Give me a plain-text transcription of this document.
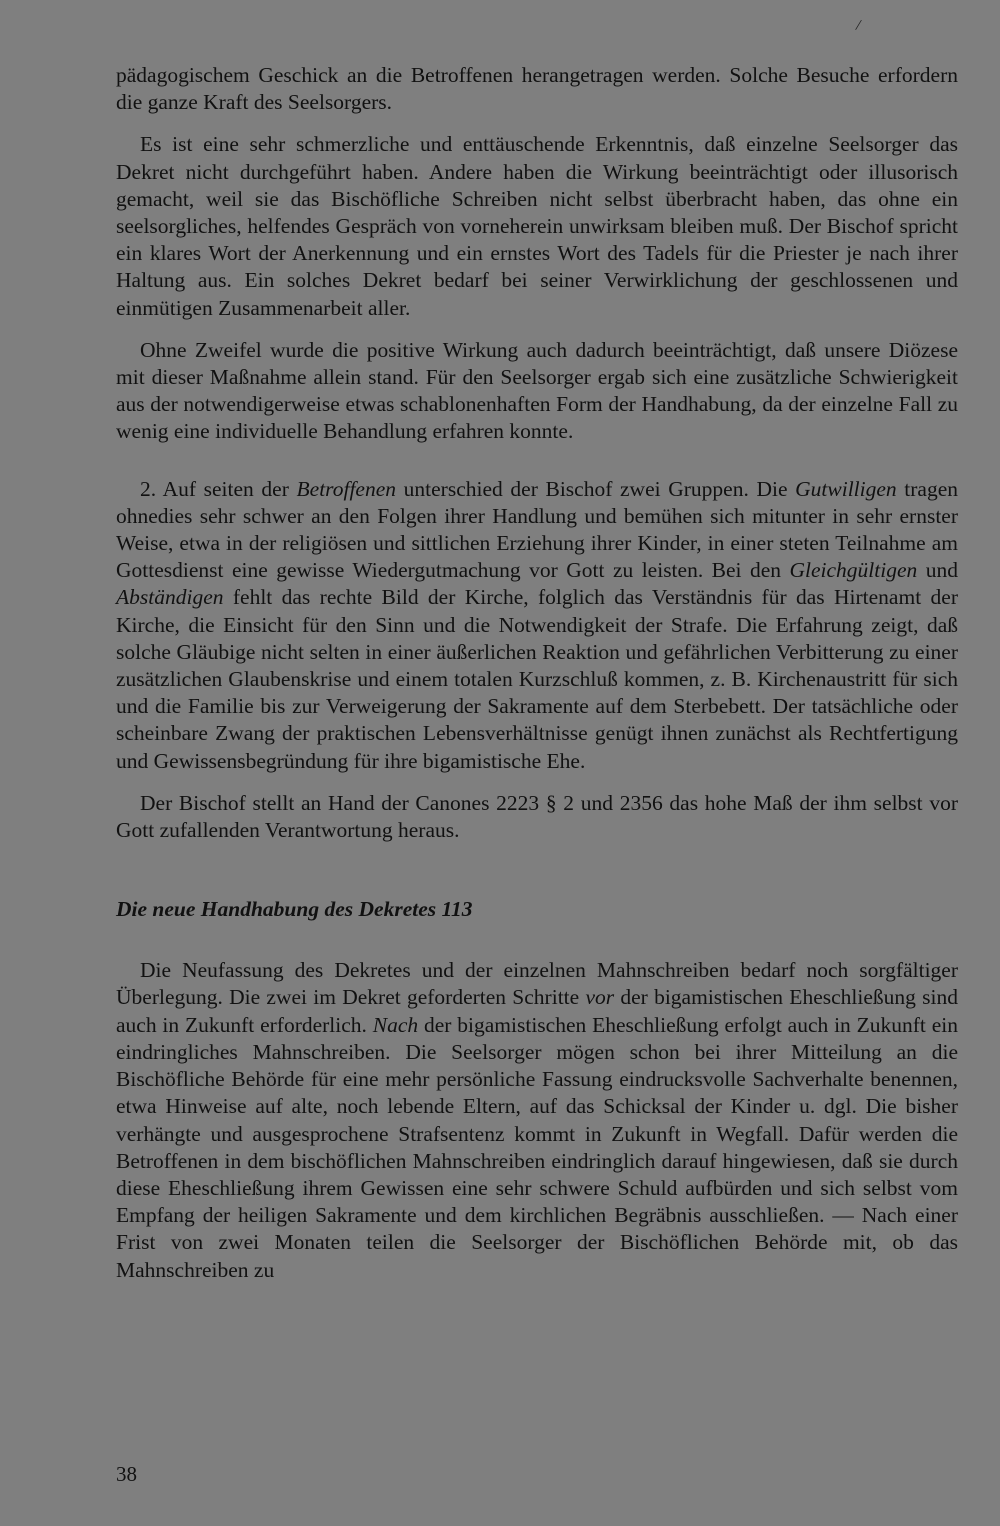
/

pädagogischem Geschick an die Betroffenen herangetragen werden. Solche Besuche erfordern die ganze Kraft des Seelsorgers.

Es ist eine sehr schmerzliche und enttäuschende Erkenntnis, daß einzelne Seelsorger das Dekret nicht durchgeführt haben. Andere haben die Wirkung beeinträchtigt oder illusorisch gemacht, weil sie das Bischöfliche Schreiben nicht selbst überbracht haben, das ohne ein seelsorgliches, helfendes Gespräch von vorneherein unwirksam bleiben muß. Der Bischof spricht ein klares Wort der Anerkennung und ein ernstes Wort des Tadels für die Priester je nach ihrer Haltung aus. Ein solches Dekret bedarf bei seiner Verwirklichung der geschlossenen und einmütigen Zusammenarbeit aller.

Ohne Zweifel wurde die positive Wirkung auch dadurch beeinträchtigt, daß unsere Diözese mit dieser Maßnahme allein stand. Für den Seelsorger ergab sich eine zusätzliche Schwierigkeit aus der notwendigerweise etwas schablonenhaften Form der Handhabung, da der einzelne Fall zu wenig eine individuelle Behandlung erfahren konnte.

2. Auf seiten der Betroffenen unterschied der Bischof zwei Gruppen. Die Gutwilligen tragen ohnedies sehr schwer an den Folgen ihrer Handlung und bemühen sich mitunter in sehr ernster Weise, etwa in der religiösen und sittlichen Erziehung ihrer Kinder, in einer steten Teilnahme am Gottesdienst eine gewisse Wiedergutmachung vor Gott zu leisten. Bei den Gleichgültigen und Abständigen fehlt das rechte Bild der Kirche, folglich das Verständnis für das Hirtenamt der Kirche, die Einsicht für den Sinn und die Notwendigkeit der Strafe. Die Erfahrung zeigt, daß solche Gläubige nicht selten in einer äußerlichen Reaktion und gefährlichen Verbitterung zu einer zusätzlichen Glaubenskrise und einem totalen Kurzschluß kommen, z. B. Kirchenaustritt für sich und die Familie bis zur Verweigerung der Sakramente auf dem Sterbebett. Der tatsächliche oder scheinbare Zwang der praktischen Lebensverhältnisse genügt ihnen zunächst als Rechtfertigung und Gewissensbegründung für ihre bigamistische Ehe.

Der Bischof stellt an Hand der Canones 2223 § 2 und 2356 das hohe Maß der ihm selbst vor Gott zufallenden Verantwortung heraus.

Die neue Handhabung des Dekretes 113

Die Neufassung des Dekretes und der einzelnen Mahnschreiben bedarf noch sorgfältiger Überlegung. Die zwei im Dekret geforderten Schritte vor der bigamistischen Eheschließung sind auch in Zukunft erforderlich. Nach der bigamistischen Eheschließung erfolgt auch in Zukunft ein eindringliches Mahnschreiben. Die Seelsorger mögen schon bei ihrer Mitteilung an die Bischöfliche Behörde für eine mehr persönliche Fassung eindrucksvolle Sachverhalte benennen, etwa Hinweise auf alte, noch lebende Eltern, auf das Schicksal der Kinder u. dgl. Die bisher verhängte und ausgesprochene Strafsentenz kommt in Zukunft in Wegfall. Dafür werden die Betroffenen in dem bischöflichen Mahnschreiben eindringlich darauf hingewiesen, daß sie durch diese Eheschließung ihrem Gewissen eine sehr schwere Schuld aufbürden und sich selbst vom Empfang der heiligen Sakramente und dem kirchlichen Begräbnis ausschließen. — Nach einer Frist von zwei Monaten teilen die Seelsorger der Bischöflichen Behörde mit, ob das Mahnschreiben zu

38
